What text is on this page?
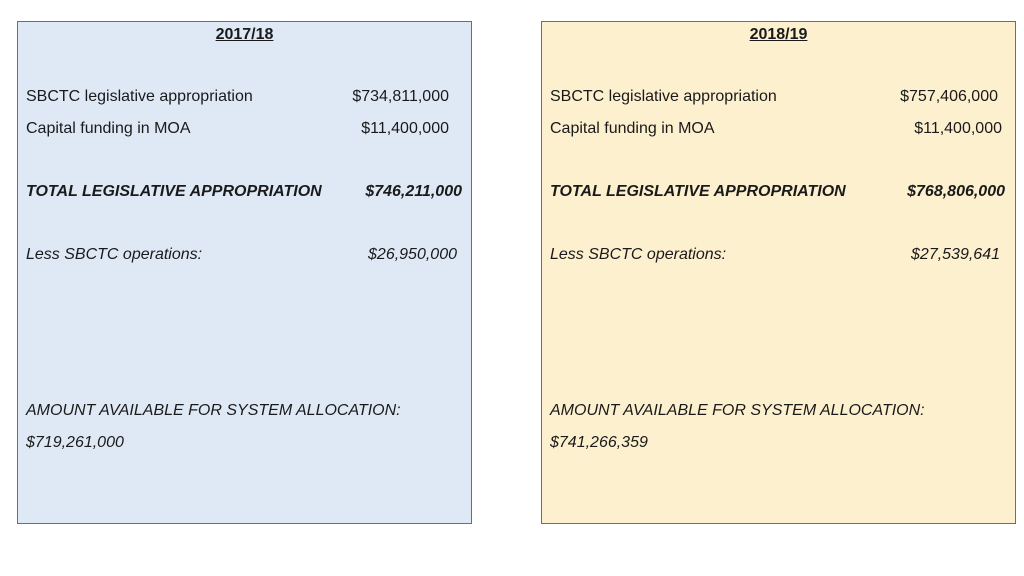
2017/18
SBCTC legislative appropriation	$734,811,000
Capital funding in MOA	$11,400,000
TOTAL LEGISLATIVE APPROPRIATION	$746,211,000
Less SBCTC operations:	$26,950,000
AMOUNT AVAILABLE FOR SYSTEM ALLOCATION:
$719,261,000
2018/19
SBCTC legislative appropriation	$757,406,000
Capital funding in MOA	$11,400,000
TOTAL LEGISLATIVE APPROPRIATION	$768,806,000
Less SBCTC operations:	$27,539,641
AMOUNT AVAILABLE FOR SYSTEM ALLOCATION:
$741,266,359
